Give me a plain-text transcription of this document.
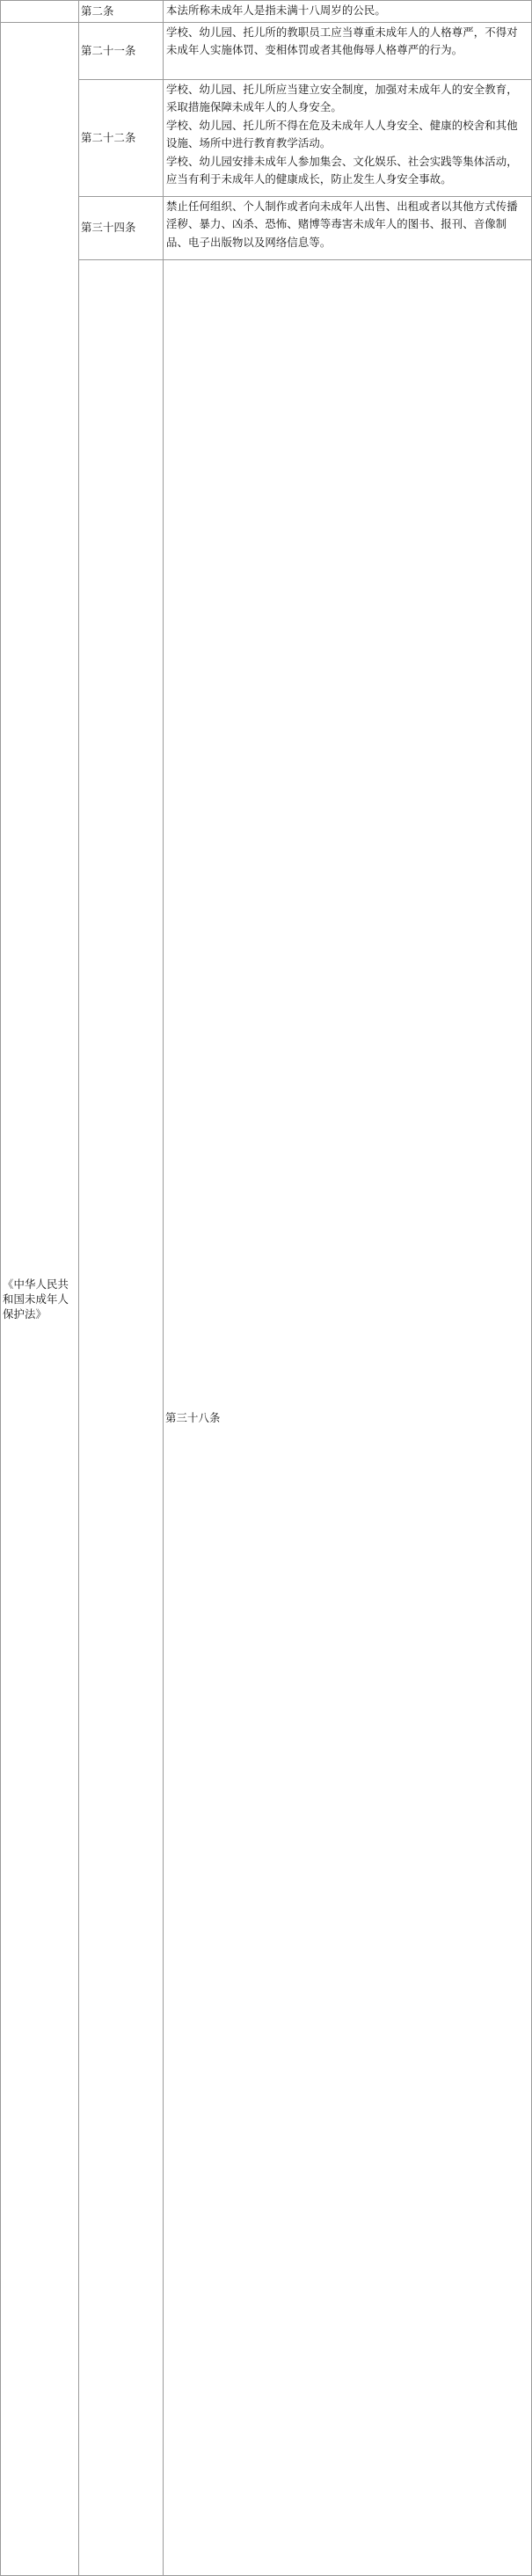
	第二条	本法所称未成年人是指未满十八周岁的公民。	

《中华人民共和国未成年人保护法》	第二十一条	学校、幼儿园、托儿所的教职员工应当尊重未成年人的人格尊严，不得对未成年人实施体罚、变相体罚或者其他侮辱人格尊严的行为。	

	第二十二条	学校、幼儿园、托儿所应当建立安全制度，加强对未成年人的安全教育，采取措施保障未成年人的人身安全。
学校、幼儿园、托儿所不得在危及未成年人人身安全、健康的校舍和其他设施、场所中进行教育教学活动。
学校、幼儿园安排未成年人参加集会、文化娱乐、社会实践等集体活动，应当有利于未成年人的健康成长，防止发生人身安全事故。	

	第三十四条	禁止任何组织、个人制作或者向未成年人出售、出租或者以其他方式传播淫秽、暴力、凶杀、恐怖、赌博等毒害未成年人的图书、报刊、音像制品、电子出版物以及网络信息等。	

		第三十八条	
